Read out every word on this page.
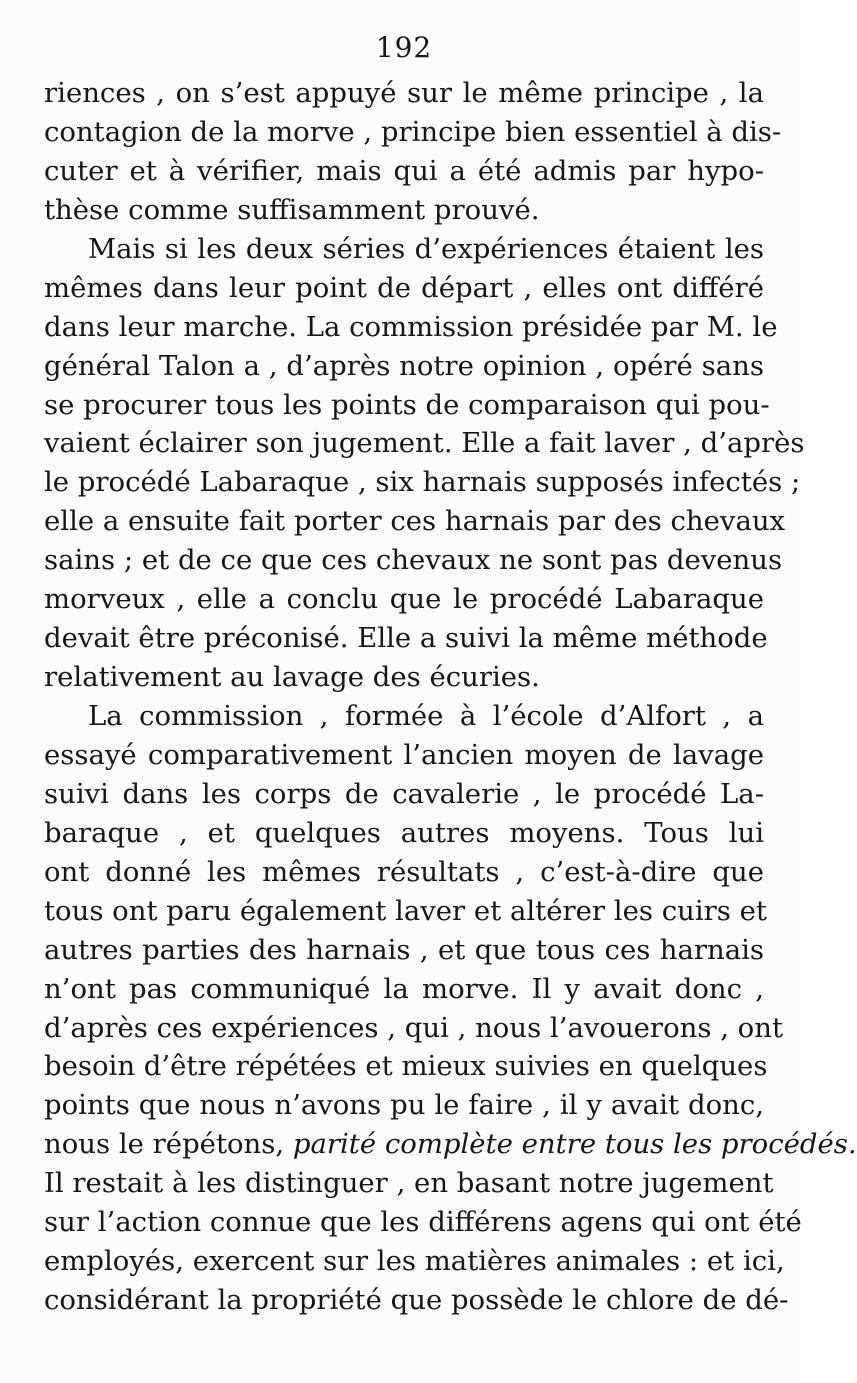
192

riences , on s’est appuyé sur le même principe , la
contagion de la morve , principe bien essentiel à dis-
cuter et à vérifier, mais qui a été admis par hypo-
thèse comme suffisamment prouvé.

Mais si les deux séries d’expériences étaient les
mêmes dans leur point de départ , elles ont différé
dans leur marche. La commission présidée par M. le
général Talon a , d’après notre opinion , opéré sans
se procurer tous les points de comparaison qui pou-
vaient éclairer son jugement. Elle a fait laver , d’après
le procédé Labaraque , six harnais supposés infectés ;
elle a ensuite fait porter ces harnais par des chevaux
sains ; et de ce que ces chevaux ne sont pas devenus
morveux , elle a conclu que le procédé Labaraque
devait être préconisé. Elle a suivi la même méthode
relativement au lavage des écuries.

La commission , formée à l’école d’Alfort , a
essayé comparativement l’ancien moyen de lavage
suivi dans les corps de cavalerie , le procédé La-
baraque , et quelques autres moyens. Tous lui
ont donné les mêmes résultats , c’est-à-dire que
tous ont paru également laver et altérer les cuirs et
autres parties des harnais , et que tous ces harnais
n’ont pas communiqué la morve. Il y avait donc ,
d’après ces expériences , qui , nous l’avouerons , ont
besoin d’être répétées et mieux suivies en quelques
points que nous n’avons pu le faire , il y avait donc,
nous le répétons, parité complète entre tous les procédés.
Il restait à les distinguer , en basant notre jugement
sur l’action connue que les différens agens qui ont été
employés, exercent sur les matières animales : et ici,
considérant la propriété que possède le chlore de dé-
